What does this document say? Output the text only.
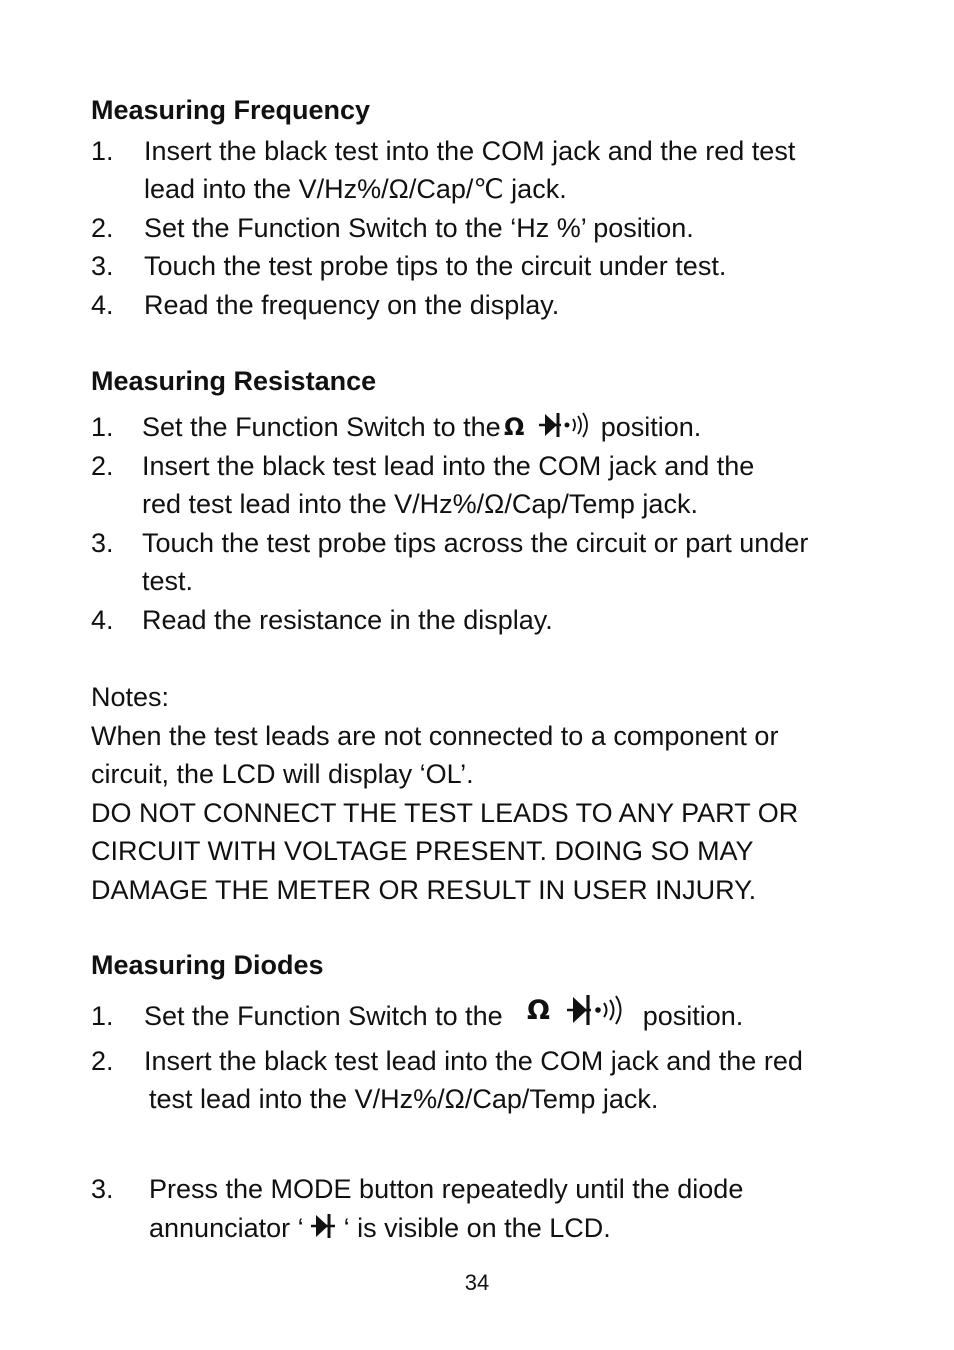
Measuring Frequency
1. Insert the black test into the COM jack and the red test
lead into the V/Hz%/Ω/Cap/℃ jack.
2. Set the Function Switch to the ‘Hz %’ position.
3. Touch the test probe tips to the circuit under test.
4. Read the frequency on the display.
Measuring Resistance
1. Set the Function Switch to the Ω	position.
2. Insert the black test lead into the COM jack and the
red test lead into the V/Hz%/Ω/Cap/Temp jack.
3. Touch the test probe tips across the circuit or part under
test.
4. Read the resistance in the display.
Notes:
When the test leads are not connected to a component or
circuit, the LCD will display ‘OL’.
DO NOT CONNECT THE TEST LEADS TO ANY PART OR
CIRCUIT WITH VOLTAGE PRESENT. DOING SO MAY
DAMAGE THE METER OR RESULT IN USER INJURY.
Measuring Diodes
1. Set the Function Switch to the Ω	position.
2. Insert the black test lead into the COM jack and the red
test lead into the V/Hz%/Ω/Cap/Temp jack.
3. Press the MODE button repeatedly until the diode
annunciator ‘ ‘ is visible on the LCD.
34
